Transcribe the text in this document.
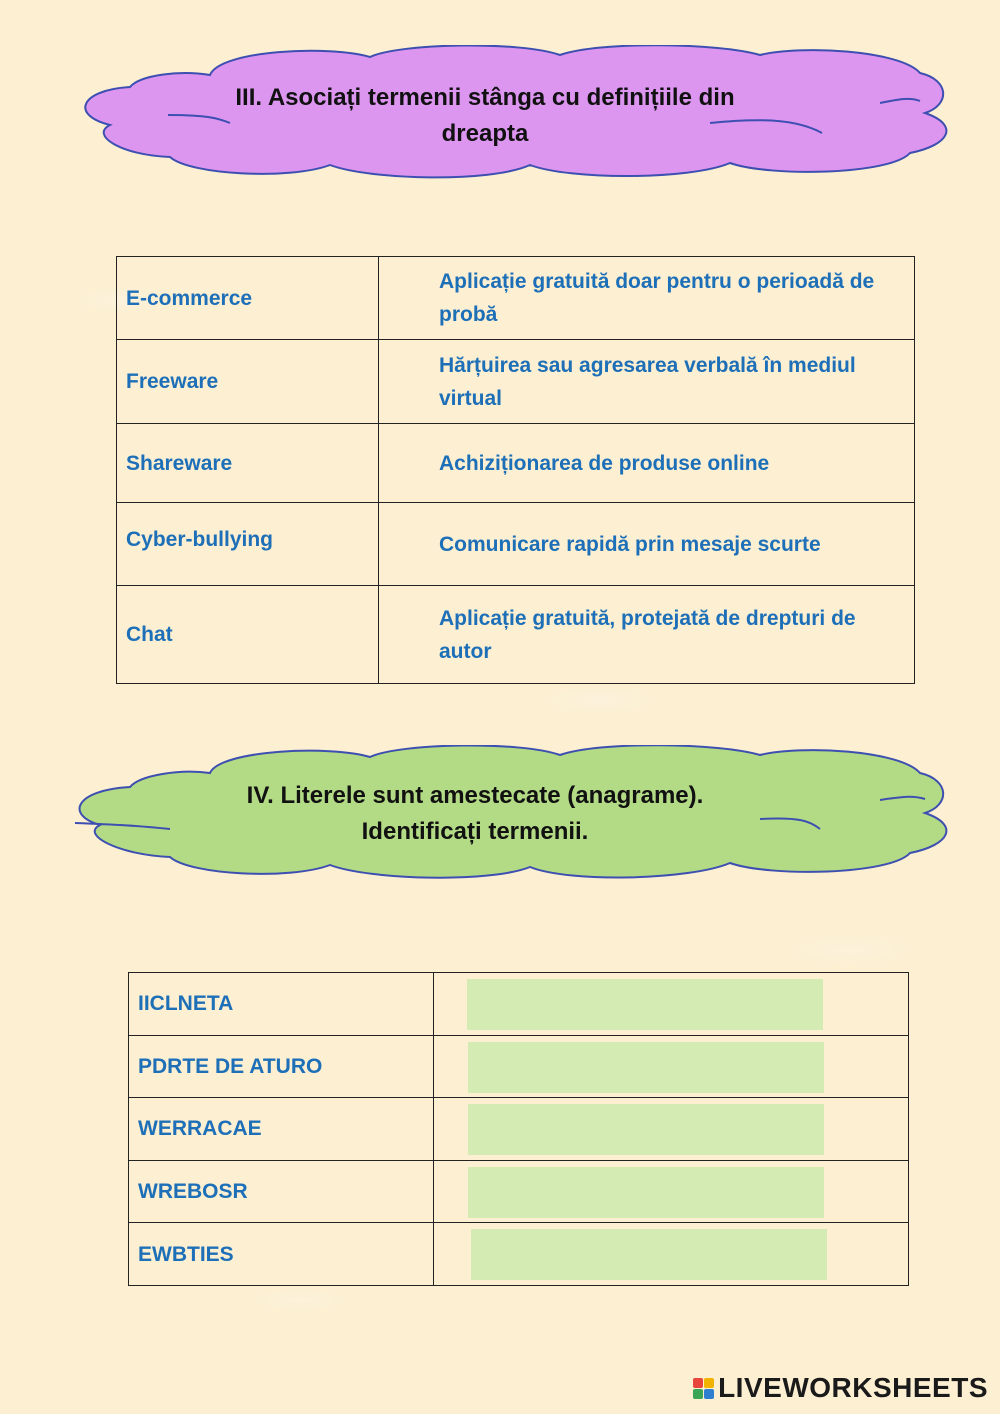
III. Asociați termenii stânga cu definițiile din dreapta
E-commerce	Aplicație gratuită doar pentru o perioadă de probă
Freeware	Hărțuirea sau agresarea verbală în mediul virtual
Shareware	Achiziționarea de produse online
Cyber-bullying	Comunicare rapidă prin mesaje scurte
Chat	Aplicație gratuită, protejată de drepturi de autor
IV. Literele sunt amestecate (anagrame). Identificați termenii.
IICLNETA	

PDRTE DE ATURO	

WERRACAE	

WREBOSR	

EWBTIES	
LIVEWORKSHEETS
